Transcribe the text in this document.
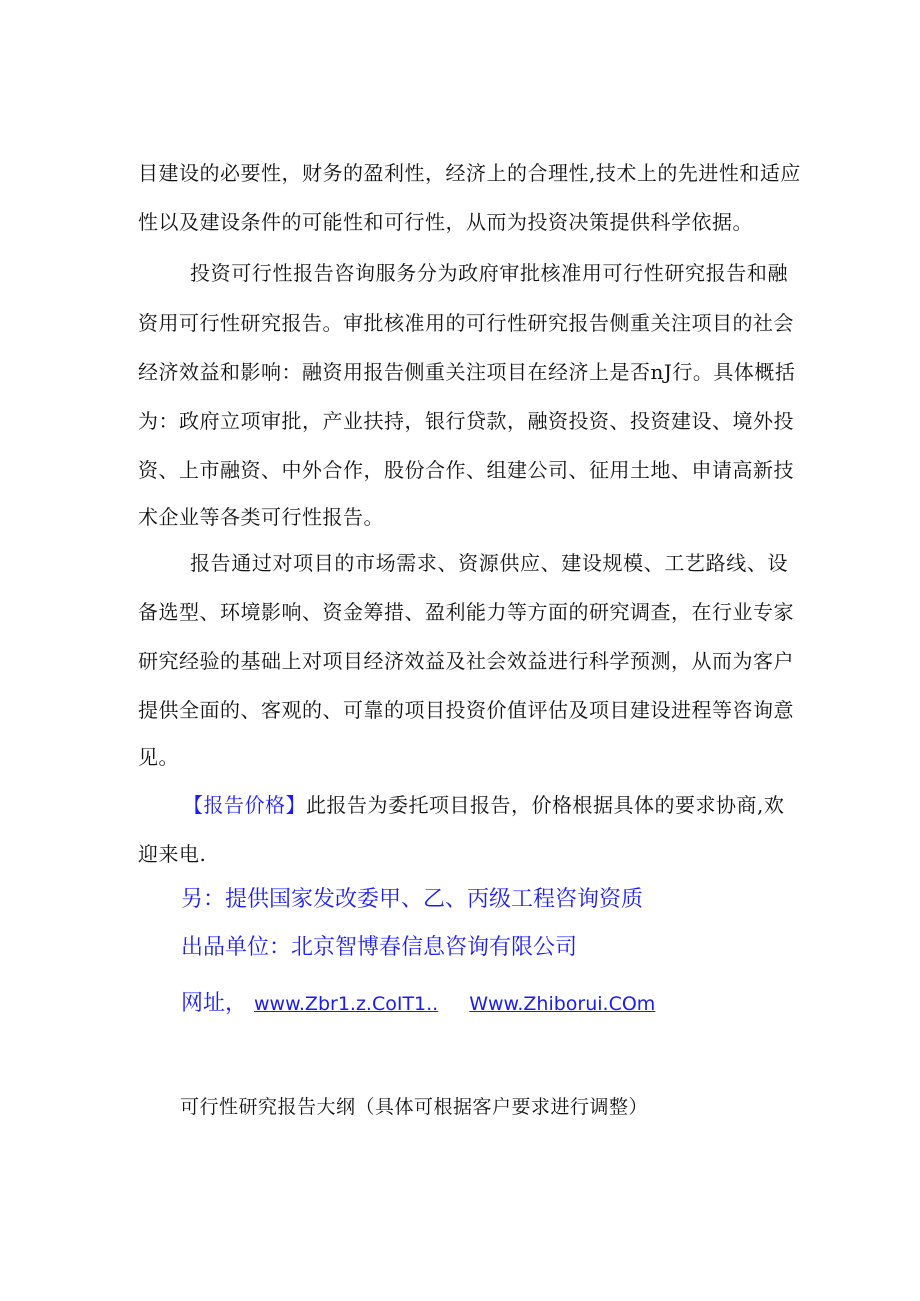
目建设的必要性，财务的盈利性，经济上的合理性,技术上的先进性和适应
性以及建设条件的可能性和可行性，从而为投资决策提供科学依据。
投资可行性报告咨询服务分为政府审批核准用可行性研究报告和融
资用可行性研究报告。审批核准用的可行性研究报告侧重关注项目的社会
经济效益和影响：融资用报告侧重关注项目在经济上是否nJ行。具体概括
为：政府立项审批，产业扶持，银行贷款，融资投资、投资建设、境外投
资、上市融资、中外合作，股份合作、组建公司、征用土地、申请高新技
术企业等各类可行性报告。
报告通过对项目的市场需求、资源供应、建设规模、工艺路线、设
备选型、环境影响、资金筹措、盈利能力等方面的研究调查，在行业专家
研究经验的基础上对项目经济效益及社会效益进行科学预测，从而为客户
提供全面的、客观的、可靠的项目投资价值评估及项目建设进程等咨询意
见。
【报告价格】此报告为委托项目报告，价格根据具体的要求协商,欢
迎来电.
另：提供国家发改委甲、乙、丙级工程咨询资质
出品单位：北京智博春信息咨询有限公司
网址， www.Zbr1.z.CoIT1.. Www.Zhiborui.COm
可行性研究报告大纲（具体可根据客户要求进行调整）
